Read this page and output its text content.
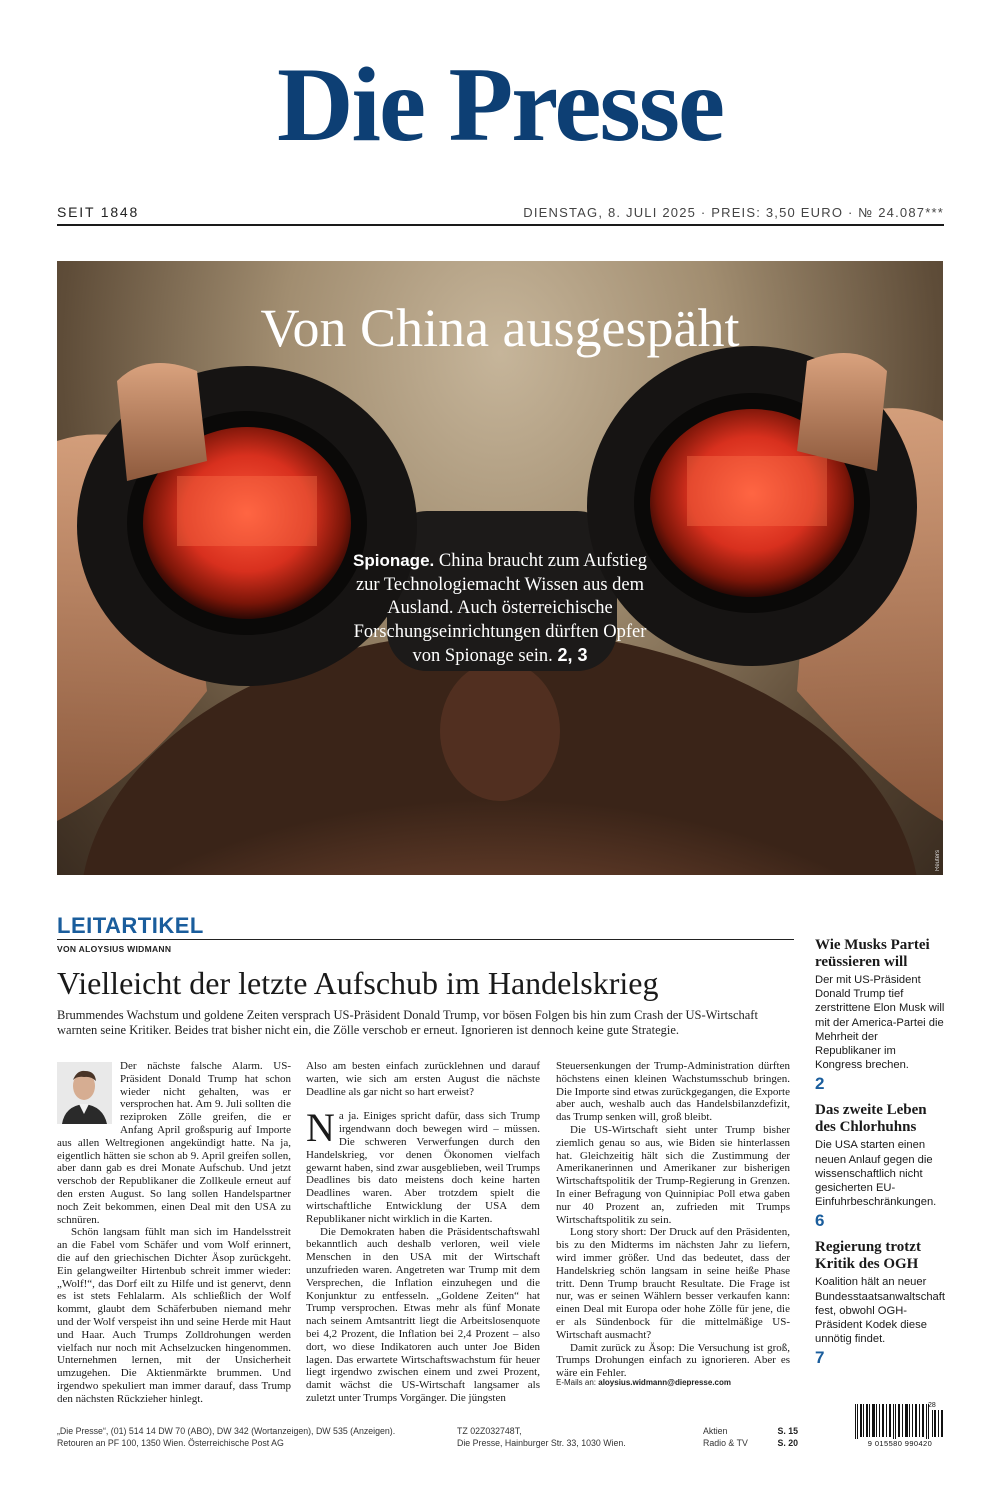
Die Presse
SEIT 1848	DIENSTAG, 8. JULI 2025 · PREIS: 3,50 EURO · № 24.087***
Von China ausgespäht
Spionage. China braucht zum Aufstieg zur Technologiemacht Wissen aus dem Ausland. Auch österreichische Forschungseinrichtungen dürften Opfer von Spionage sein. 2, 3
Reuters
LEITARTIKEL
VON ALOYSIUS WIDMANN
Vielleicht der letzte Aufschub im Handelskrieg
Brummendes Wachstum und goldene Zeiten versprach US-Präsident Donald Trump, vor bösen Folgen bis hin zum Crash der US-Wirtschaft warnten seine Kritiker. Beides trat bisher nicht ein, die Zölle verschob er erneut. Ignorieren ist dennoch keine gute Strategie.

Der nächste falsche Alarm. US-Präsident Donald Trump hat schon wieder nicht gehalten, was er versprochen hat. Am 9. Juli sollten die reziproken Zölle greifen, die er Anfang April großspurig auf Importe aus allen Weltregionen angekündigt hatte. Na ja, eigentlich hätten sie schon ab 9. April greifen sollen, aber dann gab es drei Monate Aufschub. Und jetzt verschob der Republikaner die Zollkeule erneut auf den ersten August. So lang sollen Handelspartner noch Zeit bekommen, einen Deal mit den USA zu schnüren.

Schön langsam fühlt man sich im Handelsstreit an die Fabel vom Schäfer und vom Wolf erinnert, die auf den griechischen Dichter Äsop zurückgeht. Ein gelangweilter Hirtenbub schreit immer wieder: „Wolf!“, das Dorf eilt zu Hilfe und ist genervt, denn es ist stets Fehlalarm. Als schließlich der Wolf kommt, glaubt dem Schäferbuben niemand mehr und der Wolf verspeist ihn und seine Herde mit Haut und Haar. Auch Trumps Zolldrohungen werden vielfach nur noch mit Achselzucken hingenommen. Unternehmen lernen, mit der Unsicherheit umzugehen. Die Aktienmärkte brummen. Und irgendwo spekuliert man immer darauf, dass Trump den nächsten Rückzieher hinlegt.

Also am besten einfach zurücklehnen und darauf warten, wie sich am ersten August die nächste Deadline als gar nicht so hart erweist?

Na ja. Einiges spricht dafür, dass sich Trump irgendwann doch bewegen wird – müssen. Die schweren Verwerfungen durch den Handelskrieg, vor denen Ökonomen vielfach gewarnt haben, sind zwar ausgeblieben, weil Trumps Deadlines bis dato meistens doch keine harten Deadlines waren. Aber trotzdem spielt die wirtschaftliche Entwicklung der USA dem Republikaner nicht wirklich in die Karten.

Die Demokraten haben die Präsidentschaftswahl bekanntlich auch deshalb verloren, weil viele Menschen in den USA mit der Wirtschaft unzufrieden waren. Angetreten war Trump mit dem Versprechen, die Inflation einzuhegen und die Konjunktur zu entfesseln. „Goldene Zeiten“ hat Trump versprochen. Etwas mehr als fünf Monate nach seinem Amtsantritt liegt die Arbeitslosenquote bei 4,2 Prozent, die Inflation bei 2,4 Prozent – also dort, wo diese Indikatoren auch unter Joe Biden lagen. Das erwartete Wirtschaftswachstum für heuer liegt irgendwo zwischen einem und zwei Prozent, damit wächst die US-Wirtschaft langsamer als zuletzt unter Trumps Vorgänger. Die jüngsten

Steuersenkungen der Trump-Administration dürften höchstens einen kleinen Wachstumsschub bringen. Die Importe sind etwas zurückgegangen, die Exporte aber auch, weshalb auch das Handelsbilanzdefizit, das Trump senken will, groß bleibt.

Die US-Wirtschaft sieht unter Trump bisher ziemlich genau so aus, wie Biden sie hinterlassen hat. Gleichzeitig hält sich die Zustimmung der Amerikanerinnen und Amerikaner zur bisherigen Wirtschaftspolitik der Trump-Regierung in Grenzen. In einer Befragung von Quinnipiac Poll etwa gaben nur 40 Prozent an, zufrieden mit Trumps Wirtschaftspolitik zu sein.

Long story short: Der Druck auf den Präsidenten, bis zu den Midterms im nächsten Jahr zu liefern, wird immer größer. Und das bedeutet, dass der Handelskrieg schön langsam in seine heiße Phase tritt. Denn Trump braucht Resultate. Die Frage ist nur, was er seinen Wählern besser verkaufen kann: einen Deal mit Europa oder hohe Zölle für jene, die er als Sündenbock für die mittelmäßige US-Wirtschaft ausmacht?

Damit zurück zu Äsop: Die Versuchung ist groß, Trumps Drohungen einfach zu ignorieren. Aber es wäre ein Fehler.

E-Mails an: aloysius.widmann@diepresse.com
Wie Musks Partei reüssieren will
Der mit US-Präsident Donald Trump tief zerstrittene Elon Musk will mit der America-Partei die Mehrheit der Republikaner im Kongress brechen.
2
Das zweite Leben des Chlorhuhns
Die USA starten einen neuen Anlauf gegen die wissenschaftlich nicht gesicherten EU-Einfuhrbeschränkungen.
6
Regierung trotzt Kritik des OGH
Koalition hält an neuer Bundesstaatsanwaltschaft fest, obwohl OGH-Präsident Kodek diese unnötig findet.
7
„Die Presse“, (01) 514 14 DW 70 (ABO), DW 342 (Wortanzeigen), DW 535 (Anzeigen).
Retouren an PF 100, 1350 Wien. Österreichische Post AG
TZ 02Z032748T,
Die Presse, Hainburger Str. 33, 1030 Wien.
Aktien	S. 15
Radio & TV	S. 20	9 015580 990420
28
